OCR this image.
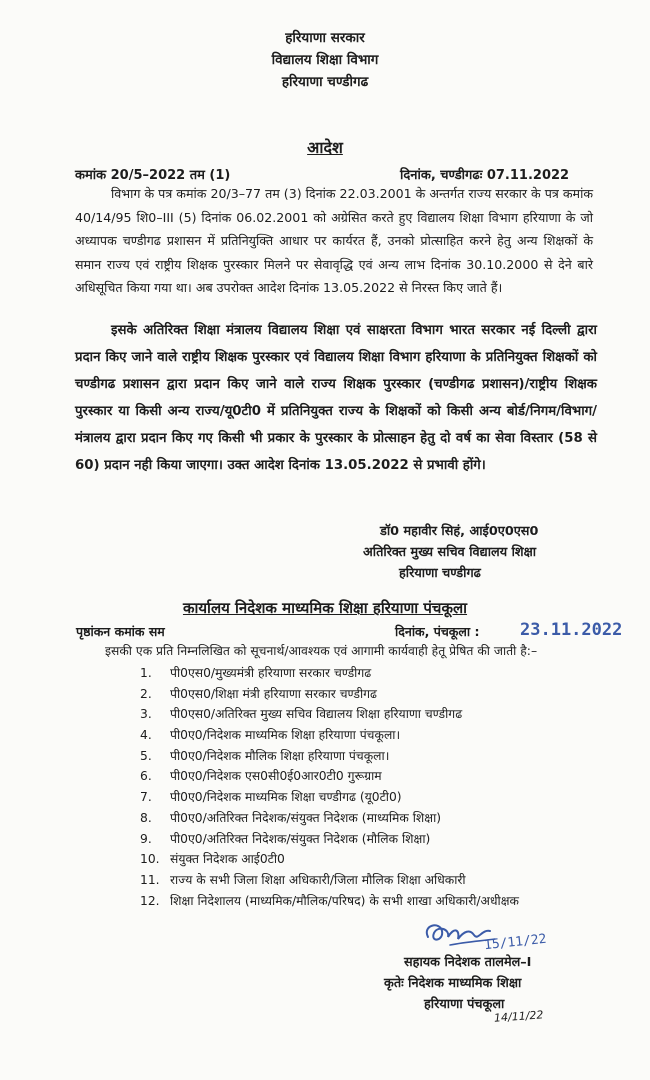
हरियाणा सरकार
विद्यालय शिक्षा विभाग
हरियाणा चण्डीगढ
आदेश
कमांक 20/5–2022 तम (1)	दिनांक, चण्डीगढः 07.11.2022
विभाग के पत्र कमांक 20/3–77 तम (3) दिनांक 22.03.2001 के अन्तर्गत राज्य सरकार के पत्र कमांक 40/14/95 शि0–III (5) दिनांक 06.02.2001 को अग्रेसित करते हुए विद्यालय शिक्षा विभाग हरियाणा के जो अध्यापक चण्डीगढ प्रशासन में प्रतिनियुक्ति आधार पर कार्यरत हैं, उनको प्रोत्साहित करने हेतु अन्य शिक्षकों के समान राज्य एवं राष्ट्रीय शिक्षक पुरस्कार मिलने पर सेवावृद्धि एवं अन्य लाभ दिनांक 30.10.2000 से देने बारे अधिसूचित किया गया था। अब उपरोक्त आदेश दिनांक 13.05.2022 से निरस्त किए जाते हैं।
इसके अतिरिक्त शिक्षा मंत्रालय विद्यालय शिक्षा एवं साक्षरता विभाग भारत सरकार नई दिल्ली द्वारा प्रदान किए जाने वाले राष्ट्रीय शिक्षक पुरस्कार एवं विद्यालय शिक्षा विभाग हरियाणा के प्रतिनियुक्त शिक्षकों को चण्डीगढ प्रशासन द्वारा प्रदान किए जाने वाले राज्य शिक्षक पुरस्कार (चण्डीगढ प्रशासन)/राष्ट्रीय शिक्षक पुरस्कार या किसी अन्य राज्य/यू0टी0 में प्रतिनियुक्त राज्य के शिक्षकों को किसी अन्य बोर्ड/निगम/विभाग/मंत्रालय द्वारा प्रदान किए गए किसी भी प्रकार के पुरस्कार के प्रोत्साहन हेतु दो वर्ष का सेवा विस्तार (58 से 60) प्रदान नही किया जाएगा। उक्त आदेश दिनांक 13.05.2022 से प्रभावी होंगे।
डॉ0 महावीर सिहं, आई0ए0एस0
अतिरिक्त मुख्य सचिव विद्यालय शिक्षा
हरियाणा चण्डीगढ
कार्यालय निदेशक माध्यमिक शिक्षा हरियाणा पंचकूला
पृष्ठांकन कमांक सम	दिनांक, पंचकूला : 23.11.2022
इसकी एक प्रति निम्नलिखित को सूचनार्थ/आवश्यक एवं आगामी कार्यवाही हेतू प्रेषित की जाती है:–
1. पी0एस0/मुख्यमंत्री हरियाणा सरकार चण्डीगढ
2. पी0एस0/शिक्षा मंत्री हरियाणा सरकार चण्डीगढ
3. पी0एस0/अतिरिक्त मुख्य सचिव विद्यालय शिक्षा हरियाणा चण्डीगढ
4. पी0ए0/निदेशक माध्यमिक शिक्षा हरियाणा पंचकूला।
5. पी0ए0/निदेशक मौलिक शिक्षा हरियाणा पंचकूला।
6. पी0ए0/निदेशक एस0सी0ई0आर0टी0 गुरूग्राम
7. पी0ए0/निदेशक माध्यमिक शिक्षा चण्डीगढ (यू0टी0)
8. पी0ए0/अतिरिक्त निदेशक/संयुक्त निदेशक (माध्यमिक शिक्षा)
9. पी0ए0/अतिरिक्त निदेशक/संयुक्त निदेशक (मौलिक शिक्षा)
10. संयुक्त निदेशक आई0टी0
11. राज्य के सभी जिला शिक्षा अधिकारी/जिला मौलिक शिक्षा अधिकारी
12. शिक्षा निदेशालय (माध्यमिक/मौलिक/परिषद) के सभी शाखा अधिकारी/अधीक्षक
15/11/22
सहायक निदेशक तालमेल–I
कृतेः निदेशक माध्यमिक शिक्षा
हरियाणा पंचकूला
14/11/22
